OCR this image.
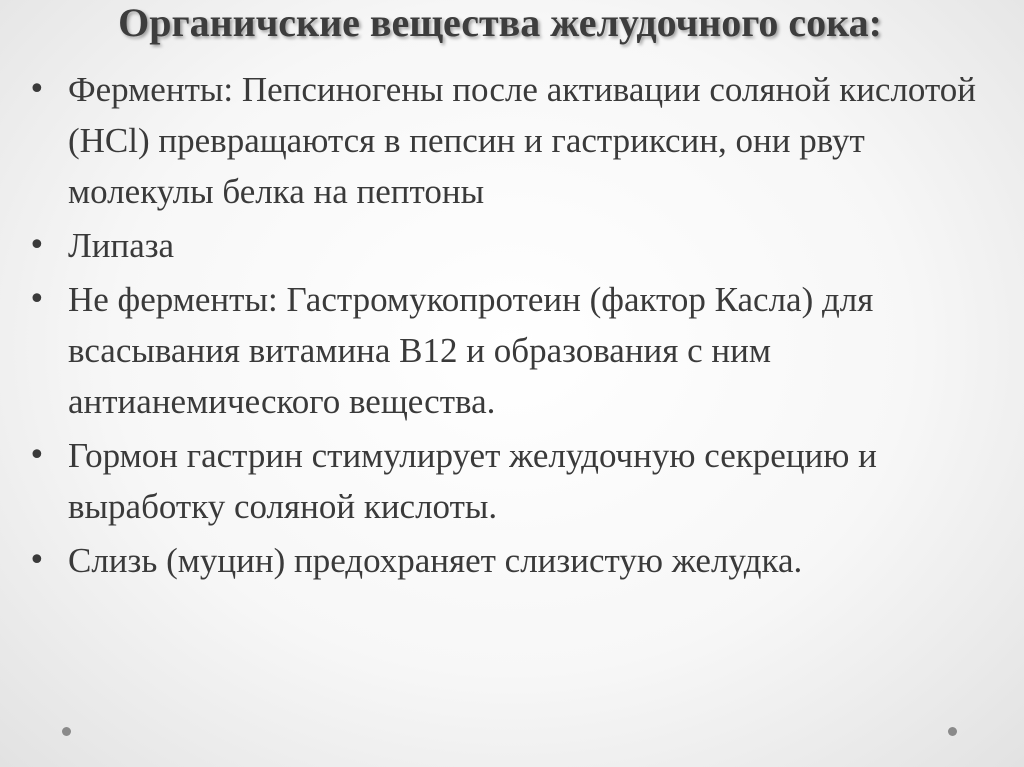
Органичские вещества желудочного сока:
• Ферменты: Пепсиногены после активации соляной кислотой (HCl) превращаются в пепсин и гастриксин, они рвут молекулы белка на пептоны
• Липаза
• Не ферменты: Гастромукопротеин (фактор Касла) для всасывания витамина В12 и образования с ним антианемического вещества.
• Гормон гастрин стимулирует желудочную секрецию и выработку соляной кислоты.
• Слизь (муцин) предохраняет слизистую желудка.
